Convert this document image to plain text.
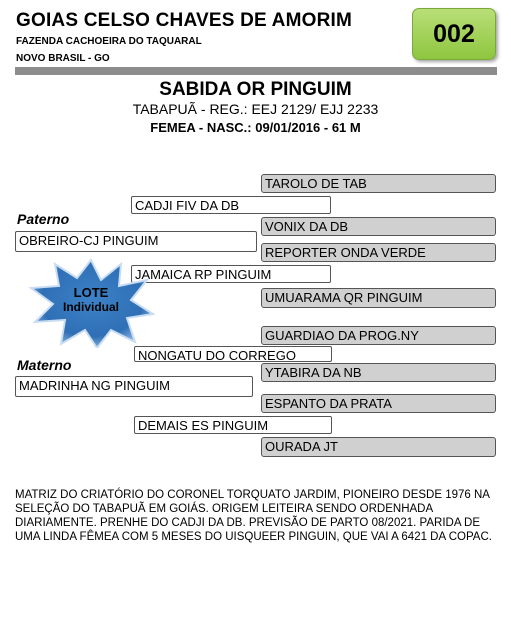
GOIAS CELSO CHAVES DE AMORIM
FAZENDA CACHOEIRA DO TAQUARAL
NOVO BRASIL - GO
002
SABIDA OR PINGUIM
TABAPUÃ - REG.: EEJ 2129/ EJJ 2233
FEMEA - NASC.: 09/01/2016 - 61 M
Paterno
OBREIRO-CJ PINGUIM
CADJI FIV DA DB
JAMAICA RP PINGUIM
Materno
MADRINHA NG PINGUIM
NONGATU DO CORREGO
DEMAIS ES PINGUIM
TAROLO DE TAB
VONIX DA DB
REPORTER ONDA VERDE
UMUARAMA QR PINGUIM
GUARDIAO DA PROG.NY
YTABIRA DA NB
ESPANTO DA PRATA
OURADA JT
LOTE
Individual
MATRIZ DO CRIATÓRIO DO CORONEL TORQUATO JARDIM, PIONEIRO DESDE 1976 NA SELEÇÃO DO TABAPUÃ EM GOIÁS. ORIGEM LEITEIRA SENDO ORDENHADA DIARIAMENTE. PRENHE DO CADJI DA DB. PREVISÃO DE PARTO 08/2021. PARIDA DE UMA LINDA FÊMEA COM 5 MESES DO UISQUEER PINGUIN, QUE VAI A 6421 DA COPAC.
